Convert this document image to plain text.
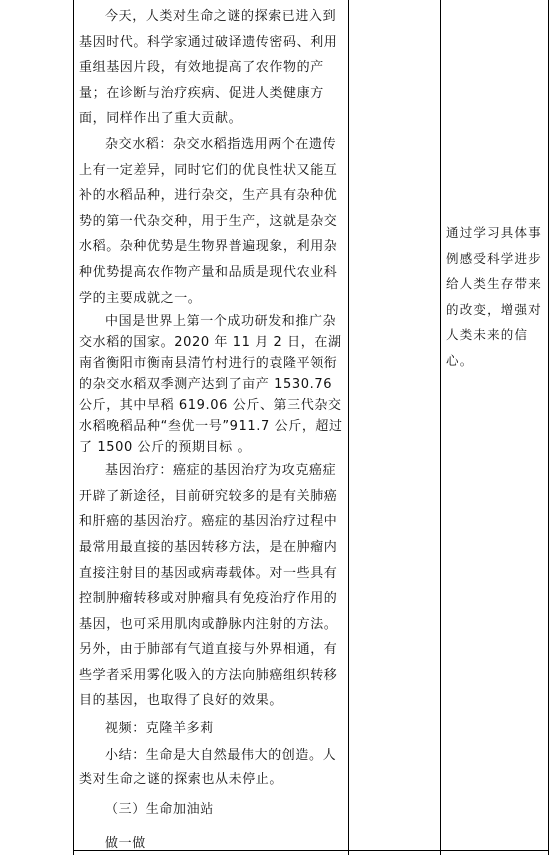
今天，人类对生命之谜的探索已进入到基因时代。科学家通过破译遗传密码、利用重组基因片段，有效地提高了农作物的产量；在诊断与治疗疾病、促进人类健康方面，同样作出了重大贡献。

杂交水稻：杂交水稻指选用两个在遗传上有一定差异，同时它们的优良性状又能互补的水稻品种，进行杂交，生产具有杂种优势的第一代杂交种，用于生产，这就是杂交水稻。杂种优势是生物界普遍现象，利用杂种优势提高农作物产量和品质是现代农业科学的主要成就之一。

中国是世界上第一个成功研发和推广杂交水稻的国家。2020 年 11 月 2 日，在湖南省衡阳市衡南县清竹村进行的袁隆平领衔的杂交水稻双季测产达到了亩产 1530.76 公斤，其中早稻 619.06 公斤、第三代杂交水稻晚稻品种“叁优一号”911.7 公斤，超过了 1500 公斤的预期目标 。

基因治疗：癌症的基因治疗为攻克癌症开辟了新途径，目前研究较多的是有关肺癌和肝癌的基因治疗。癌症的基因治疗过程中最常用最直接的基因转移方法，是在肿瘤内直接注射目的基因或病毒载体。对一些具有控制肿瘤转移或对肿瘤具有免疫治疗作用的基因，也可采用肌肉或静脉内注射的方法。另外，由于肺部有气道直接与外界相通，有些学者采用雾化吸入的方法向肺癌组织转移目的基因，也取得了良好的效果。

视频：克隆羊多莉

小结：生命是大自然最伟大的创造。人类对生命之谜的探索也从未停止。

（三）生命加油站

做一做

通过学习具体事例感受科学进步给人类生存带来的改变，增强对人类未来的信心。
